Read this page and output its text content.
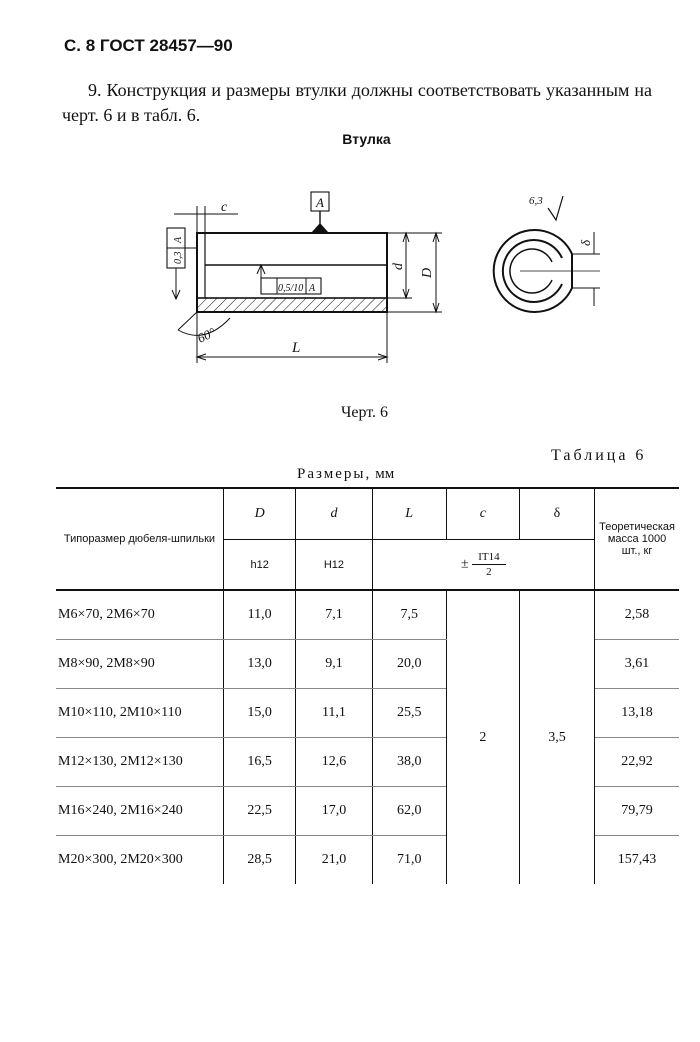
С. 8 ГОСТ 28457—90
9. Конструкция и размеры втулки должны соответствовать указанным на черт. 6 и в табл. 6.
Втулка
c	A
d
D
L
60°
0,3
A
0,5/10 A
6,3
δ
Черт. 6
Таблица 6
Размеры, мм
Типоразмер дюбеля-шпильки	D	d	L	c	δ	Теоретическая масса 1000 шт., кг
	h12	H12	± $\frac{IT14}{2}$

М6×70, 2М6×70	11,0	7,1	7,5	2	3,5	2,58
М8×90, 2М8×90	13,0	9,1	20,0			3,61
М10×110, 2М10×110	15,0	11,1	25,5			13,18
М12×130, 2М12×130	16,5	12,6	38,0			22,92
М16×240, 2М16×240	22,5	17,0	62,0			79,79
М20×300, 2М20×300	28,5	21,0	71,0			157,43
